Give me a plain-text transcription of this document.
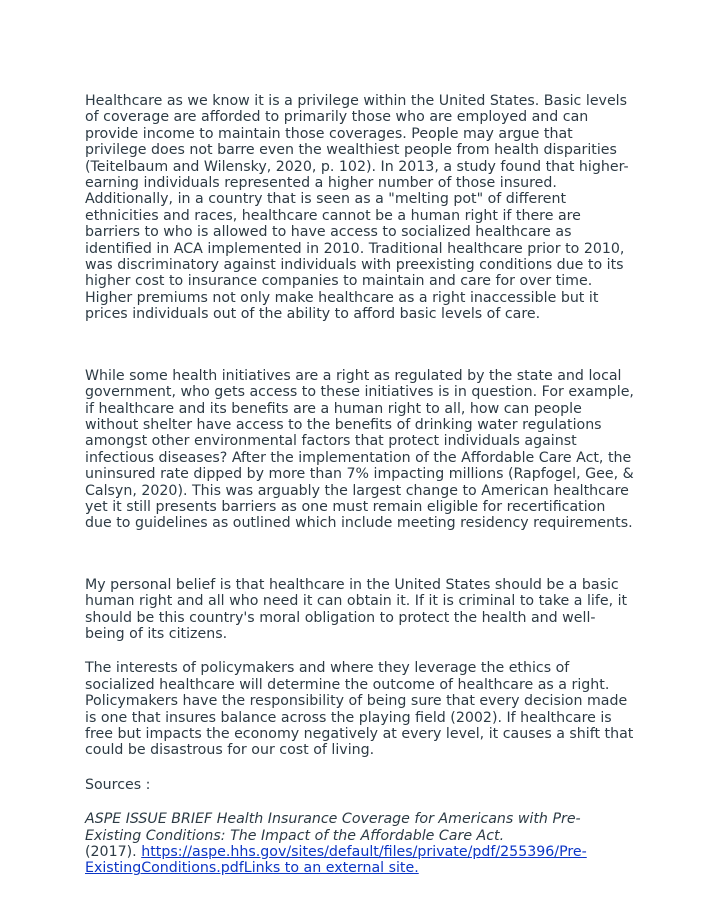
Healthcare as we know it is a privilege within the United States. Basic levels of coverage are afforded to primarily those who are employed and can provide income to maintain those coverages. People may argue that privilege does not barre even the wealthiest people from health disparities (Teitelbaum and Wilensky, 2020, p. 102). In 2013, a study found that higher-earning individuals represented a higher number of those insured. Additionally, in a country that is seen as a "melting pot" of different ethnicities and races, healthcare cannot be a human right if there are barriers to who is allowed to have access to socialized healthcare as identified in ACA implemented in 2010. Traditional healthcare prior to 2010, was discriminatory against individuals with preexisting conditions due to its higher cost to insurance companies to maintain and care for over time. Higher premiums not only make healthcare as a right inaccessible but it prices individuals out of the ability to afford basic levels of care.

While some health initiatives are a right as regulated by the state and local government, who gets access to these initiatives is in question. For example, if healthcare and its benefits are a human right to all, how can people without shelter have access to the benefits of drinking water regulations amongst other environmental factors that protect individuals against infectious diseases? After the implementation of the Affordable Care Act, the uninsured rate dipped by more than 7% impacting millions (Rapfogel, Gee, & Calsyn, 2020). This was arguably the largest change to American healthcare yet it still presents barriers as one must remain eligible for recertification due to guidelines as outlined which include meeting residency requirements.

My personal belief is that healthcare in the United States should be a basic human right and all who need it can obtain it. If it is criminal to take a life, it should be this country's moral obligation to protect the health and well-being of its citizens.

The interests of policymakers and where they leverage the ethics of socialized healthcare will determine the outcome of healthcare as a right. Policymakers have the responsibility of being sure that every decision made is one that insures balance across the playing field (2002). If healthcare is free but impacts the economy negatively at every level, it causes a shift that could be disastrous for our cost of living.

Sources :

ASPE ISSUE BRIEF Health Insurance Coverage for Americans with Pre-Existing Conditions: The Impact of the Affordable Care Act.
(2017). https://aspe.hhs.gov/sites/default/files/private/pdf/255396/Pre-ExistingConditions.pdfLinks to an external site.
